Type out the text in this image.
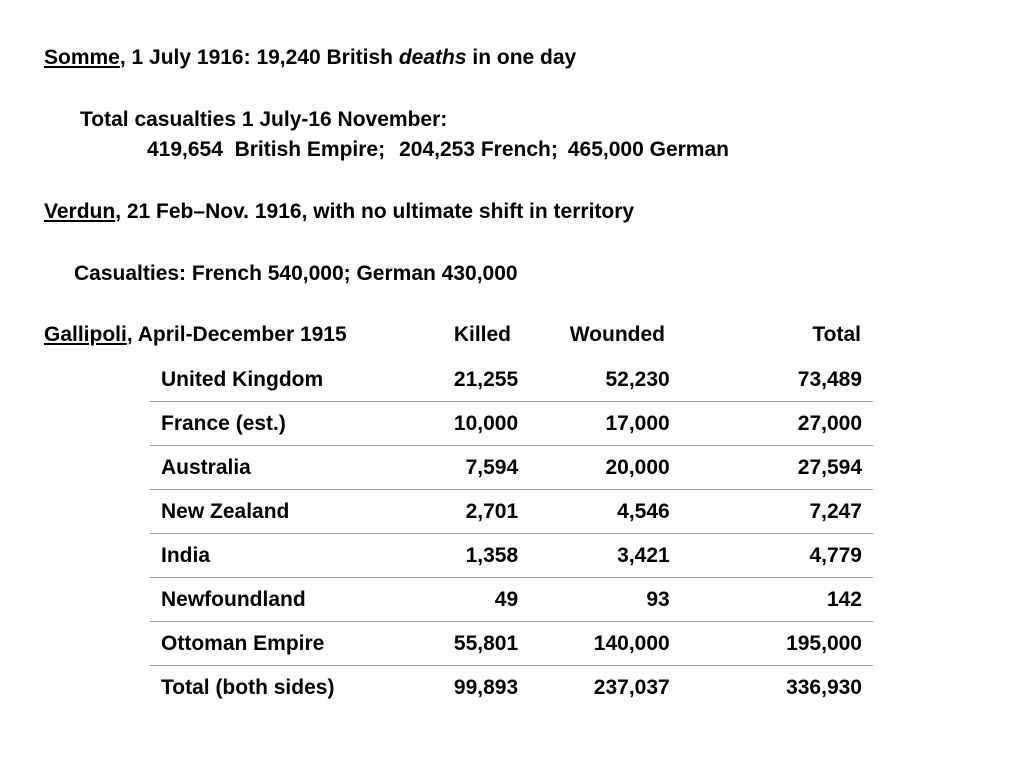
Somme, 1 July 1916: 19,240 British deaths in one day
Total casualties 1 July-16 November:
419,654  British Empire; 204,253 French; 465,000 German
Verdun, 21 Feb–Nov. 1916, with no ultimate shift in territory
Casualties: French 540,000; German 430,000
Gallipoli, April-December 1915	Killed	Wounded	Total
United Kingdom	21,255	52,230	73,489
France (est.)	10,000	17,000	27,000
Australia	7,594	20,000	27,594
New Zealand	2,701	4,546	7,247
India	1,358	3,421	4,779
Newfoundland	49	93	142
Ottoman Empire	55,801	140,000	195,000
Total (both sides)	99,893	237,037	336,930
